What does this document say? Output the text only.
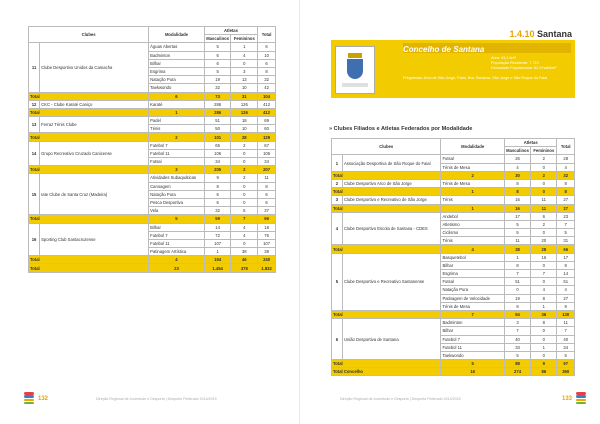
Clubes		Modalidade	Atletas		Total
			Masculinos	Femininos	
11	Clube Desportivo Unidos da Camacha	Águas Abertas	5	1	6
		Badminton	6	4	10
		Bilhar	6	0	6
		Esgrima	5	3	8
		Natação Pura	19	13	32
		Taekwondo	32	10	42
Total		6	73	31	104
12	CKC - Clube Karaté Caniço	Karaté	286	126	412
Total		1	286	126	412
13	Ferraz Ténis Clube	Padel	51	18	69
		Ténis	50	10	60
Total		2	101	28	129
14	Grupo Recreativo Cruzado Canicense	Futebol 7	65	2	67
		Futebol 11	106	0	106
		Futsal	34	0	34
Total		3	205	2	207
15	Iate Clube de Santa Cruz (Madeira)	Atividades Subaquáticas	9	2	11
		Canoagem	8	0	8
		Natação Pura	6	0	6
		Pesca Desportiva	6	0	6
		Vela	32	5	37
Total		5	59	7	66
16	Sporting Club Santacruzense	Bilhar	14	4	18
		Futebol 7	72	4	76
		Futebol 11	107	0	107
		Patinagem Artística	1	38	39
Total		4	194	46	240
Total		23	1.454	378	1.832
132	Direção Regional de Juventude e Desporto | Desporto Federado 2014/2015
1.4.10 Santana
Concelho de Santana
Área: 93,1 km²
População Residente: 7.719
Densidade Populacional: 82,9 hab/km²
Freguesias: Arco de São Jorge, Faial, Ilha, Santana, São Jorge e São Roque do Faial
» Clubes Filiados e Atletas Federados por Modalidade
Clubes		Modalidade	Atletas		Total
			Masculinos	Femininos	
1	Associação Desportiva de São Roque do Faial	Futsal	26	2	28
		Ténis de Mesa	4	0	4
Total		2	30	2	32
2	Clube Desportivo Arco de São Jorge	Ténis de Mesa	8	0	8
Total		1	8	0	8
3	Clube Desportivo e Recreativo de São Jorge	Ténis	16	11	27
Total		1	16	11	27
4	Clube Desportivo Escola de Santana - CDES	Andebol	17	6	23
		Atletismo	5	2	7
		Ciclismo	5	0	5
		Ténis	11	20	31
Total		4	38	28	66
5	Clube Desportivo e Recreativo Santanense	Basquetebol	1	16	17
		Bilhar	8	0	8
		Esgrima	7	7	14
		Futsal	51	0	51
		Natação Pura	0	4	4
		Patinagem de Velocidade	19	8	27
		Ténis de Mesa	8	1	9
Total		7	94	36	130
6	União Desportiva de Santana	Badminton	3	8	11
		Bilhar	7	0	7
		Futebol 7	40	0	40
		Futebol 11	33	1	34
		Taekwondo	5	0	5
Total		5	88	9	97
Total Concelho		16	274	86	360
133
Direção Regional de Juventude e Desporto | Desporto Federado 2014/2015
